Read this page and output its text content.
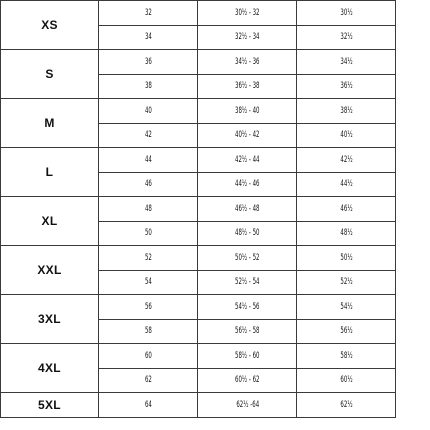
XS	32	30½ - 32	30½
	34	32½ - 34	32½
S	36	34½ - 36	34½
	38	36½ - 38	36½
M	40	38½ - 40	38½
	42	40½ - 42	40½
L	44	42½ - 44	42½
	46	44½ - 46	44½
XL	48	46½ - 48	46½
	50	48½ - 50	48½
XXL	52	50½ - 52	50½
	54	52½ - 54	52½
3XL	56	54½ - 56	54½
	58	56½ - 58	56½
4XL	60	58½ - 60	58½
	62	60½ - 62	60½
5XL	64	62½ -64	62½
